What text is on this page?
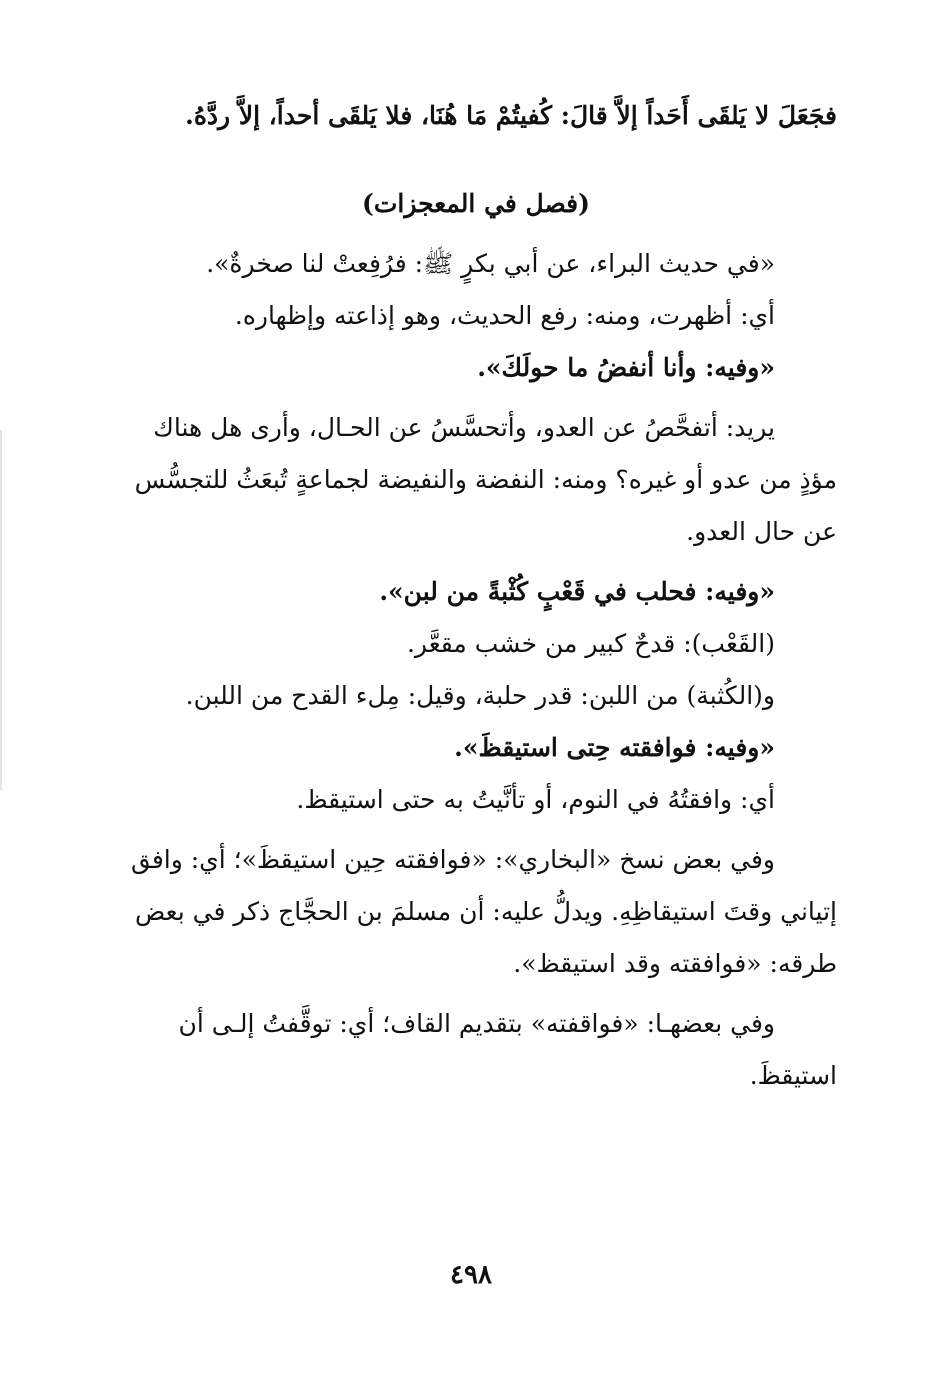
فجَعَلَ لا يَلقَى أَحَداً إلاَّ قالَ: كُفيتُمْ مَا هُنَا، فلا يَلقَى أحداً، إلاَّ ردَّهُ.
(فصل في المعجزات)
«في حديث البراء، عن أبي بكرٍ ﷺ: فرُفِعتْ لنا صخرةٌ».
أي: أظهرت، ومنه: رفع الحديث، وهو إذاعته وإظهاره.
«وفيه: وأنا أنفضُ ما حولَكَ».
يريد: أتفحَّصُ عن العدو، وأتحسَّسُ عن الحـال، وأرى هل هناك
مؤذٍ من عدو أو غيره؟ ومنه: النفضة والنفيضة لجماعةٍ تُبعَثُ للتجسُّس
عن حال العدو.
«وفيه: فحلب في قَعْبٍ كُثْبةً من لبن».
(القَعْب): قدحٌ كبير من خشب مقعَّر.
و(الكُثبة) من اللبن: قدر حلبة، وقيل: مِلء القدح من اللبن.
«وفيه: فوافقته حِتى استيقظَ».
أي: وافقتُهُ في النوم، أو تأنَّيتُ به حتى استيقظ.
وفي بعض نسخ «البخاري»: «فوافقته حِين استيقظَ»؛ أي: وافق
إتياني وقتَ استيقاظِهِ. ويدلُّ عليه: أن مسلمَ بن الحجَّاج ذكر في بعض
طرقه: «فوافقته وقد استيقظ».
وفي بعضهـا: «فواقفته» بتقديم القاف؛ أي: توقَّفتُ إلـى أن
استيقظَ.
٤٩٨
